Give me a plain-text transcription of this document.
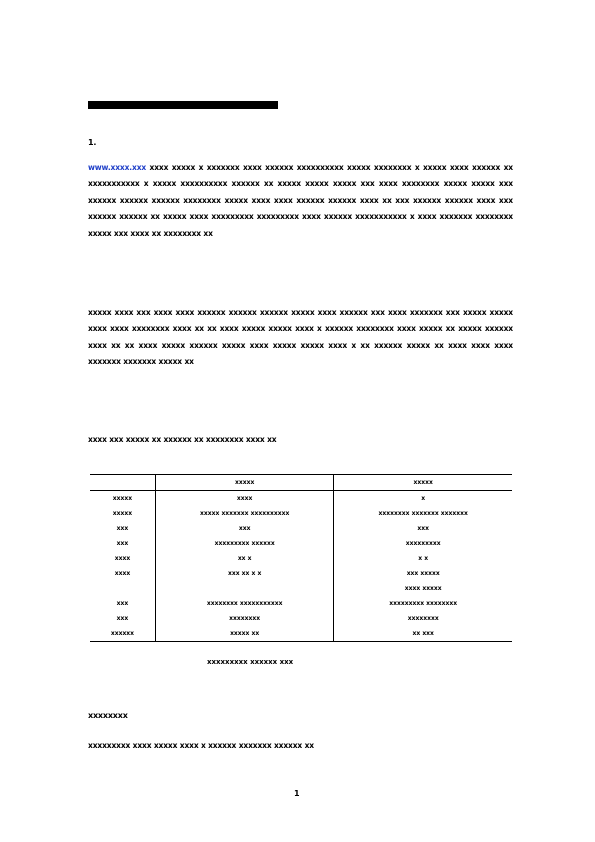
1.
www.xxxx.xxx xxxx xxxxx x xxxxxxx xxxx xxxxxx xxxxxxxxxx xxxxx xxxxxxxx x xxxxx xxxx xxxxxx xx xxxxxxxxxxx x xxxxx xxxxxxxxxx xxxxxx xx xxxxx xxxxx xxxxx xxx xxxx xxxxxxxx xxxxx xxxxx xxx xxxxxx xxxxxx xxxxxx xxxxxxxx xxxxx xxxx xxxx xxxxxx xxxxxx xxxx xx xxx xxxxxx xxxxxx xxxx xxx xxxxxx xxxxxx xx xxxxx xxxx xxxxxxxxx xxxxxxxxx xxxx xxxxxx xxxxxxxxxxx x xxxx xxxxxxx xxxxxxxx xxxxx xxx xxxx xx xxxxxxxx xx
xxxxx xxxx xxx xxxx xxxx xxxxxx xxxxxx xxxxxx xxxxx xxxx xxxxxx xxx xxxx xxxxxxx xxx xxxxx xxxxx xxxx xxxx xxxxxxxx xxxx xx xx xxxx xxxxx xxxxx xxxx x xxxxxx xxxxxxxx xxxx xxxxx xx xxxxx xxxxxx xxxx xx xx xxxx xxxxx xxxxxx xxxxx xxxx xxxxx xxxxx xxxx x xx xxxxxx xxxxx xx xxxx xxxx xxxx xxxxxxx xxxxxxx xxxxx xx
xxxx xxx xxxxx xx xxxxxx xx xxxxxxxx xxxx xx
	xxxxx	xxxxx
xxxxx	xxxx	x
xxxxx	xxxxx xxxxxxx xxxxxxxxxx	xxxxxxxx xxxxxxx xxxxxxx
xxx	xxx	xxx
xxx	xxxxxxxxx xxxxxx	xxxxxxxxx
xxxx	xx x	x x
xxxx	xxx xx x x	xxx xxxxx
		xxxx xxxxx
xxx	xxxxxxxx xxxxxxxxxxx	xxxxxxxxx xxxxxxxx
xxx	xxxxxxxx	xxxxxxxx
xxxxxx	xxxxx xx	xx xxx
xxxxxxxxx xxxxxx xxx
xxxxxxxx
xxxxxxxxx xxxx xxxxx xxxx x xxxxxx xxxxxxx xxxxxx xx
1
